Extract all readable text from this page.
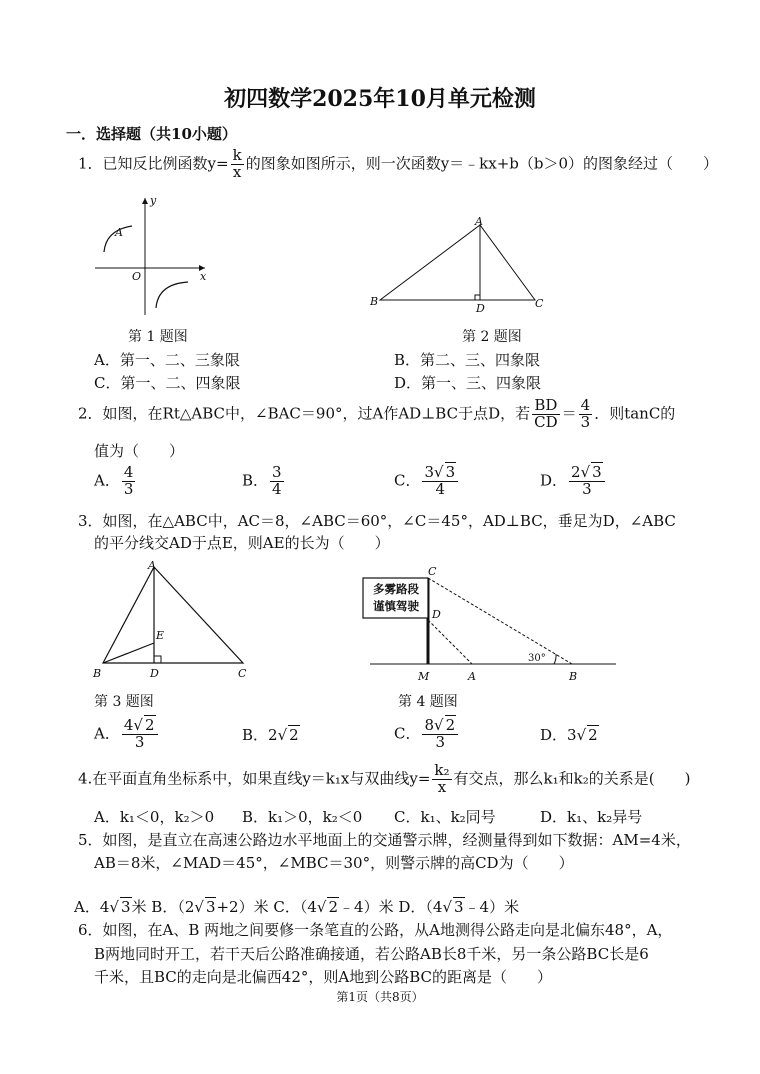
初四数学2025年10月单元检测
一．选择题（共10小题）
1．已知反比例函数$y= \frac{k}{x}$ 的图象如图所示，则一次函数y＝﹣kx+b（b＞0）的图象经过（　　）
y
A
O	x
第 1 题图
A
B
D	C
第 2 题图
A．第一、二、三象限	B．第二、三、四象限
C．第一、二、四象限	D．第一、三、四象限
2．如图，在Rt△ABC中，∠BAC＝90°，过A作AD⊥BC于点D，若 $\frac{BD}{CD} = \frac{4}{3}$ ．则tanC的
值为（　　）
A． $\frac{4}{3}$	B． $\frac{3}{4}$	C． $\frac{3√ 3}{4}$	D． $\frac{2√ 3}{3}$
3．如图，在△ABC中，AC＝8，∠ABC＝60°，∠C＝45°，AD⊥BC，垂足为D，∠ABC
的平分线交AD于点E，则AE的长为（　　）
A
E
B	D	C
第 3 题图
C
D
M	A	B
30°
多雾路段
谨慎驾驶
第 4 题图
A． $\frac{4√ 2}{3}$	B．2√ 2	C． $\frac{8√ 2}{3}$	D．3√ 2
4.在平面直角坐标系中，如果直线y＝k₁x与双曲线$y= \frac{\text{k₂}}{x}$ 有交点，那么k₁和k₂的关系是(　　)
A．k₁＜0，k₂＞0 B．k₁＞0，k₂＜0 C．k₁、k₂同号	D．k₁、k₂异号
5．如图，是直立在高速公路边水平地面上的交通警示牌，经测量得到如下数据：AM=4米，
AB＝8米，∠MAD＝45°，∠MBC＝30°，则警示牌的高CD为（　　）
A．4√ 3米 B．（2√ 3+2）米 C．（4√ 2﹣4）米 D．（4√ 3﹣4）米
6．如图，在A、B 两地之间要修一条笔直的公路，从A地测得公路走向是北偏东48°，A，
B两地同时开工，若干天后公路准确接通，若公路AB长8千米，另一条公路BC长是6
千米，且BC的走向是北偏西42°，则A地到公路BC的距离是（　　）
第1页（共8页）
